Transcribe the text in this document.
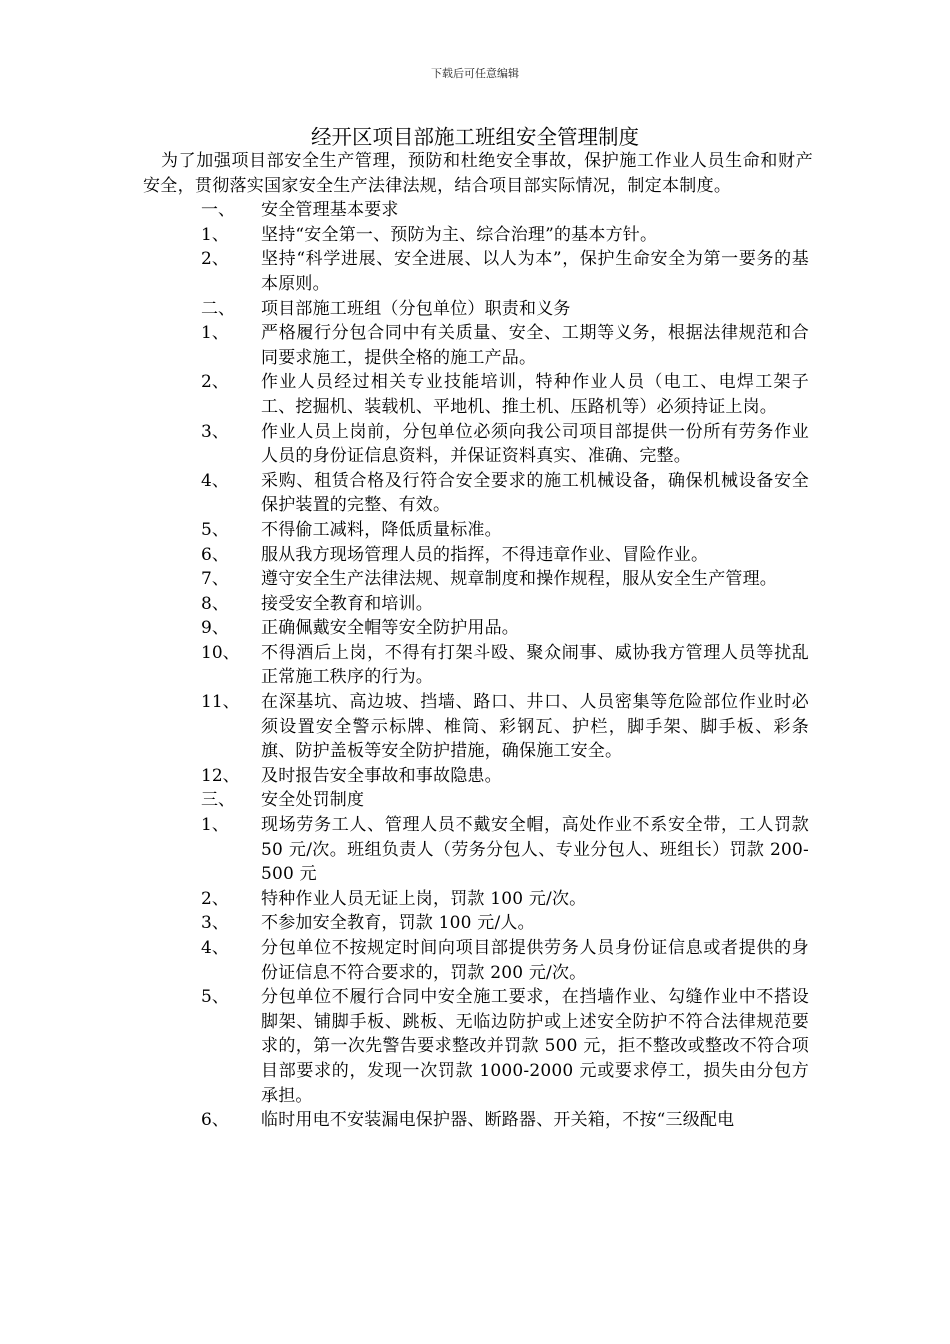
下载后可任意编辑
经开区项目部施工班组安全管理制度
为了加强项目部安全生产管理，预防和杜绝安全事故，保护施工作业人员生命和财产安全，贯彻落实国家安全生产法律法规，结合项目部实际情况，制定本制度。
一、	安全管理基本要求
1、	坚持“安全第一、预防为主、综合治理”的基本方针。
2、	坚持“科学进展、安全进展、以人为本”，保护生命安全为第一要务的基本原则。
二、	项目部施工班组（分包单位）职责和义务
1、	严格履行分包合同中有关质量、安全、工期等义务，根据法律规范和合同要求施工，提供全格的施工产品。
2、	作业人员经过相关专业技能培训，特种作业人员（电工、电焊工架子工、挖掘机、装载机、平地机、推土机、压路机等）必须持证上岗。
3、	作业人员上岗前，分包单位必须向我公司项目部提供一份所有劳务作业人员的身份证信息资料，并保证资料真实、准确、完整。
4、	采购、租赁合格及行符合安全要求的施工机械设备，确保机械设备安全保护装置的完整、有效。
5、	不得偷工减料，降低质量标准。
6、	服从我方现场管理人员的指挥，不得违章作业、冒险作业。
7、	遵守安全生产法律法规、规章制度和操作规程，服从安全生产管理。
8、	接受安全教育和培训。
9、	正确佩戴安全帽等安全防护用品。
10、	不得酒后上岗，不得有打架斗殴、聚众闹事、威协我方管理人员等扰乱正常施工秩序的行为。
11、	在深基坑、高边坡、挡墙、路口、井口、人员密集等危险部位作业时必须设置安全警示标牌、椎筒、彩钢瓦、护栏，脚手架、脚手板、彩条旗、防护盖板等安全防护措施，确保施工安全。
12、	及时报告安全事故和事故隐患。
三、	安全处罚制度
1、	现场劳务工人、管理人员不戴安全帽，高处作业不系安全带，工人罚款 50 元/次。班组负责人（劳务分包人、专业分包人、班组长）罚款 200-500 元
2、	特种作业人员无证上岗，罚款 100 元/次。
3、	不参加安全教育，罚款 100 元/人。
4、	分包单位不按规定时间向项目部提供劳务人员身份证信息或者提供的身份证信息不符合要求的，罚款 200 元/次。
5、	分包单位不履行合同中安全施工要求，在挡墙作业、勾缝作业中不搭设脚架、铺脚手板、跳板、无临边防护或上述安全防护不符合法律规范要求的，第一次先警告要求整改并罚款 500 元，拒不整改或整改不符合项目部要求的，发现一次罚款 1000-2000 元或要求停工，损失由分包方承担。
6、	临时用电不安装漏电保护器、断路器、开关箱，不按“三级配电
